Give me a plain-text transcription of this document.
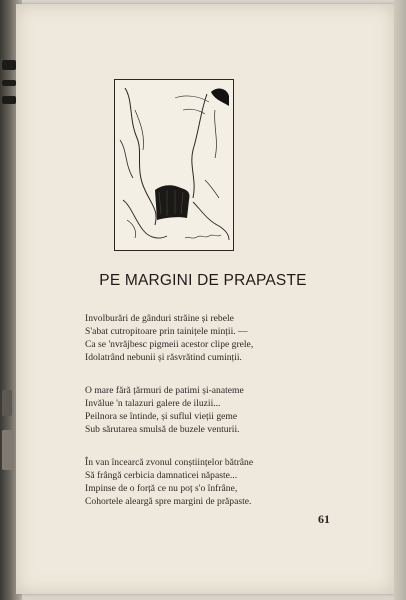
PE MARGINI DE PRAPASTE
Involburări de gânduri străine și rebele
S'abat cutropitoare prin tainițele minții. —
Ca se 'nvrăjbesc pigmeii acestor clipe grele,
Idolatrând nebunii și răsvrătind cuminții.
O mare fără țărmuri de patimi și-anateme
Invălue 'n talazuri galere de iluzii...
Peilnora se întinde, și suflul vieții geme
Sub sărutarea smulsă de buzele venturii.
În van încearcă zvonul conștiințelor bătrâne
Să frângă cerbicia damnaticei năpaste...
Impinse de o forță ce nu poț s'o înfrâne,
Cohortele aleargă spre margini de prăpaste.
61
